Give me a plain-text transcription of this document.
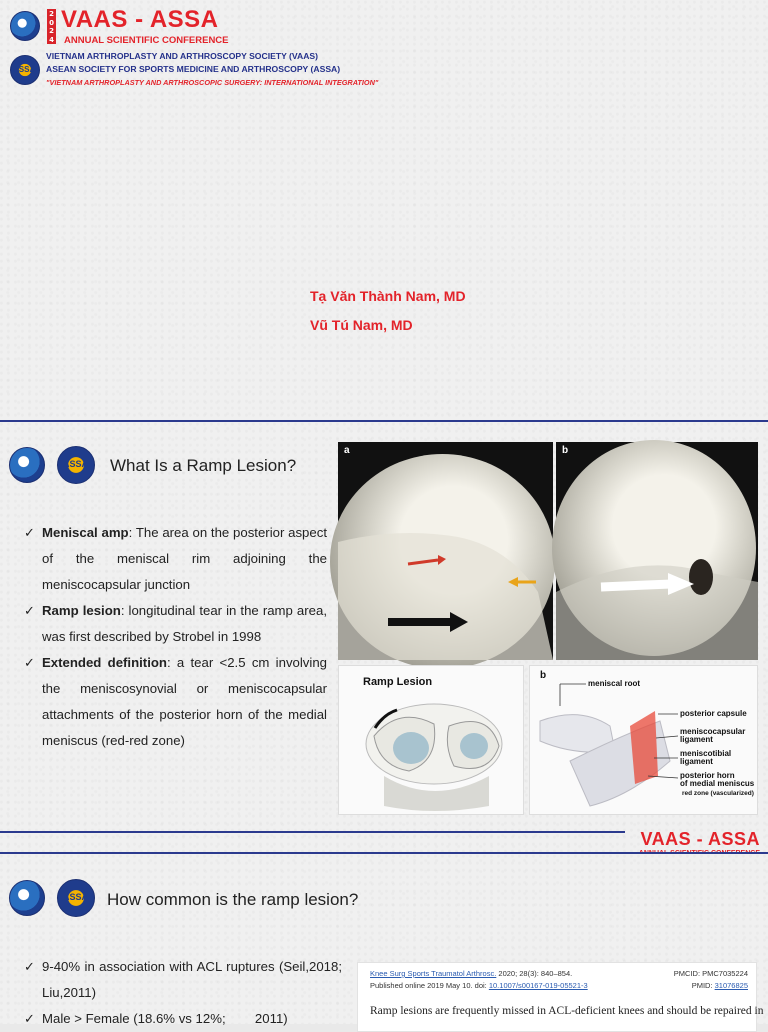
2024
VAAS - ASSA
ANNUAL SCIENTIFIC CONFERENCE
ASSA
VIETNAM ARTHROPLASTY AND ARTHROSCOPY SOCIETY (VAAS)
ASEAN SOCIETY FOR SPORTS MEDICINE AND ARTHROSCOPY (ASSA)
"VIETNAM ARTHROPLASTY AND ARTHROSCOPIC SURGERY: INTERNATIONAL INTEGRATION"
Tạ Văn Thành Nam, MD
Vũ Tú Nam, MD
ASSA What Is a Ramp Lesion?
✓ Meniscal amp: The area on the posterior aspect of the meniscal rim adjoining the meniscocapsular junction
✓ Ramp lesion: longitudinal tear in the ramp area, was first described by Strobel in 1998
✓ Extended definition: a tear <2.5 cm involving the meniscosynovial or meniscocapsular attachments of the posterior horn of the medial meniscus (red-red zone)
a	b
Ramp Lesion
b
meniscal root
posterior capsule
meniscocapsular
ligament
meniscotibial
ligament
posterior horn
of medial meniscus
red zone (vascularized)
VAAS - ASSA
ASSA How common is the ramp lesion?
✓ 9-40% in association with ACL ruptures (Seil,2018; Liu,2011)
✓ Male > Female (18.6% vs 12%;        2011)
Knee Surg Sports Traumatol Arthrosc. 2020; 28(3): 840–854.	PMCID: PMC7035224
Published online 2019 May 10. doi: 10.1007/s00167-019-05521-3	PMID: 31076825
Ramp lesions are frequently missed in ACL-deficient knees and should be repaired in
